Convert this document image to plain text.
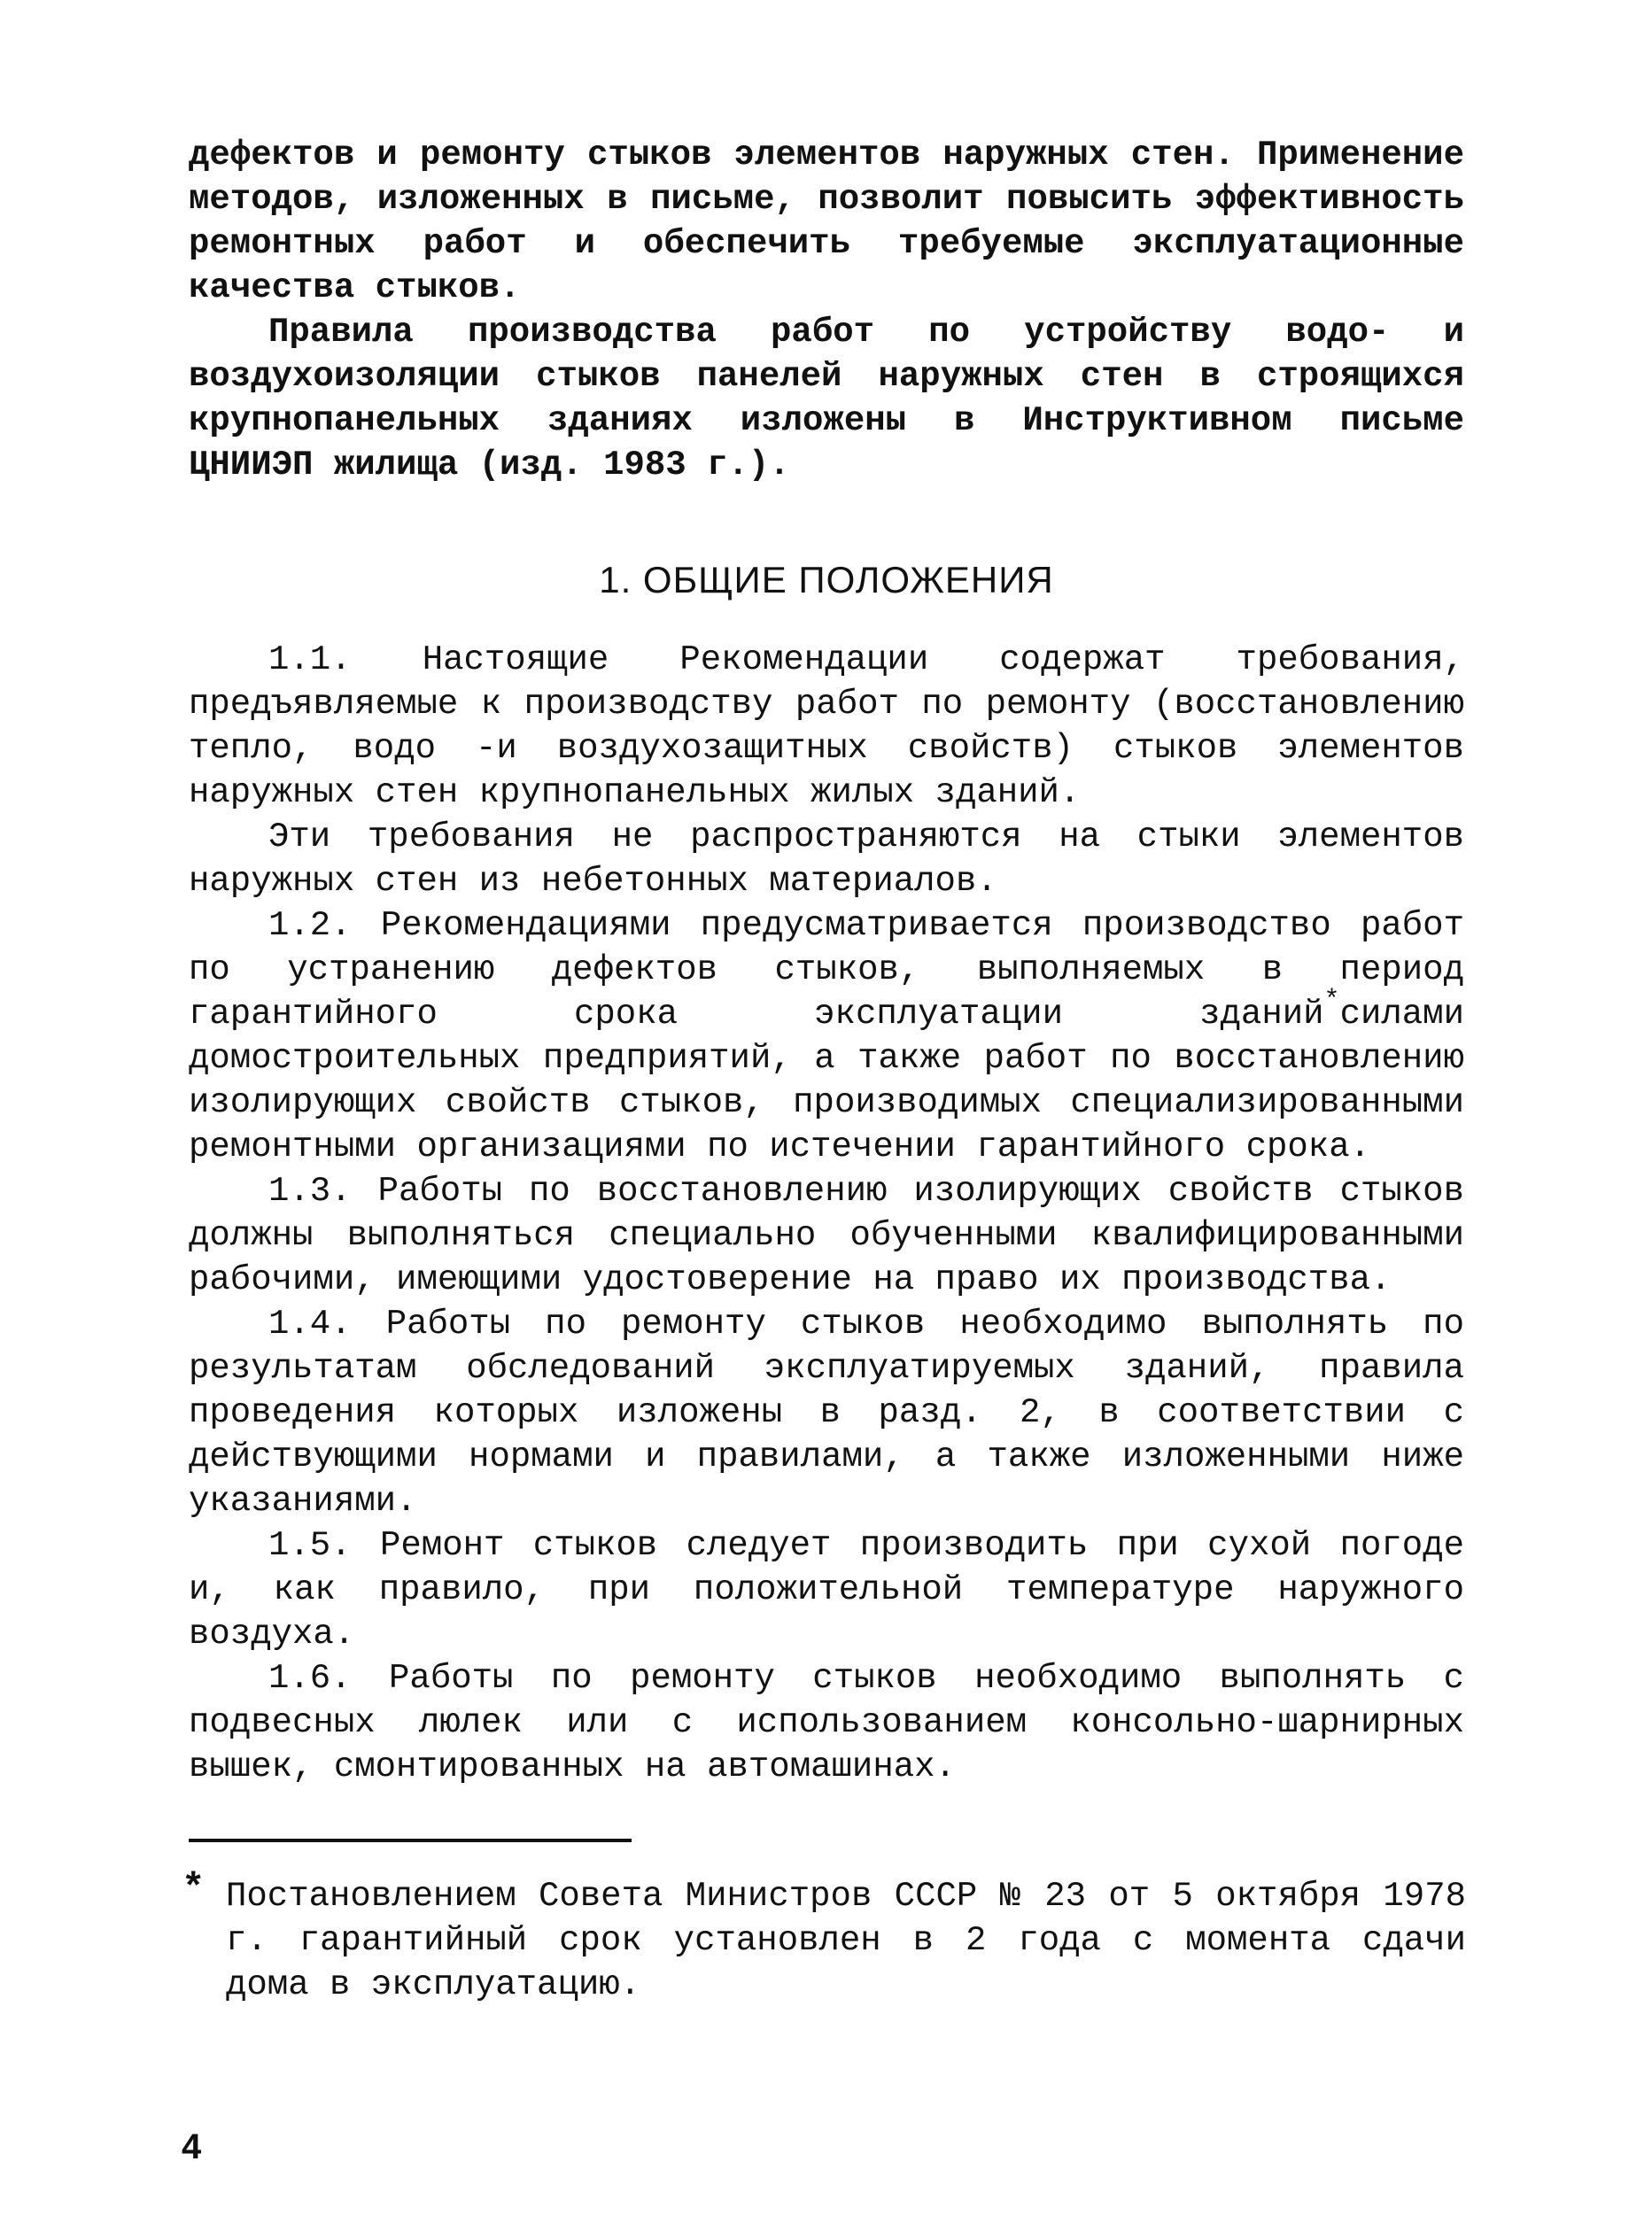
дефектов и ремонту стыков элементов наружных стен. Применение методов, изложенных в письме, позволит повысить эффективность ремонтных работ и обеспечить требуемые эксплуатационные качества стыков.

Правила производства работ по устройству водо- и воздухоизоляции стыков панелей наружных стен в строящихся крупнопанельных зданиях изложены в Инструктивном письме ЦНИИЭП жилища (изд. 1983 г.).

1. ОБЩИЕ ПОЛОЖЕНИЯ

1.1. Настоящие Рекомендации содержат требования, предъявляемые к производству работ по ремонту (восстановлению тепло, водо -и воздухозащитных свойств) стыков элементов наружных стен крупнопанельных жилых зданий.

Эти требования не распространяются на стыки элементов наружных стен из небетонных материалов.

1.2. Рекомендациями предусматривается производство работ по устранению дефектов стыков, выполняемых в период гарантийного срока эксплуатации зданий*силами домостроительных предприятий, а также работ по восстановлению изолирующих свойств стыков, производимых специализированными ремонтными организациями по истечении гарантийного срока.

1.3. Работы по восстановлению изолирующих свойств стыков должны выполняться специально обученными квалифицированными рабочими, имеющими удостоверение на право их производства.

1.4. Работы по ремонту стыков необходимо выполнять по результатам обследований эксплуатируемых зданий, правила проведения которых изложены в разд. 2, в соответствии с действующими нормами и правилами, а также изложенными ниже указаниями.

1.5. Ремонт стыков следует производить при сухой погоде и, как правило, при положительной температуре наружного воздуха.

1.6. Работы по ремонту стыков необходимо выполнять с подвесных люлек или с использованием консольно-шарнирных вышек, смонтированных на автомашинах.

* Постановлением Совета Министров СССР № 23 от 5 октября 1978 г. гарантийный срок установлен в 2 года с момента сдачи дома в эксплуатацию.

4
